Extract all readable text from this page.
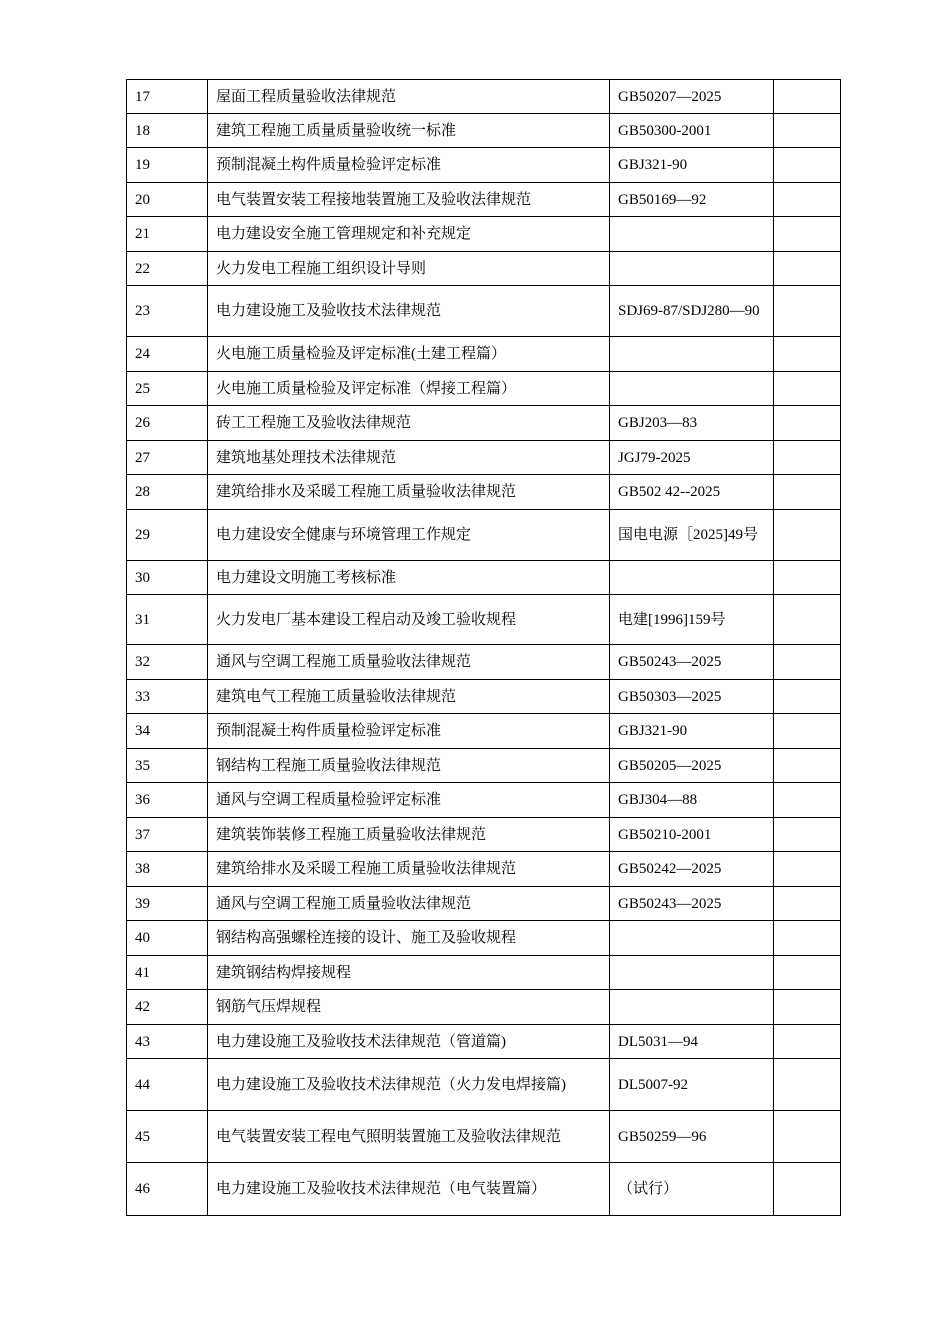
17	屋面工程质量验收法律规范	GB50207—2025	
18	建筑工程施工质量质量验收统一标准	GB50300-2001	
19	预制混凝土构件质量检验评定标准	GBJ321-90	
20	电气装置安装工程接地装置施工及验收法律规范	GB50169—92	
21	电力建设安全施工管理规定和补充规定		
22	火力发电工程施工组织设计导则		
23	电力建设施工及验收技术法律规范	SDJ69-87/SDJ280—90	
24	火电施工质量检验及评定标准(土建工程篇）		
25	火电施工质量检验及评定标准（焊接工程篇）		
26	砖工工程施工及验收法律规范	GBJ203—83	
27	建筑地基处理技术法律规范	JGJ79-2025	
28	建筑给排水及采暖工程施工质量验收法律规范	GB502 42--2025	
29	电力建设安全健康与环境管理工作规定	国电电源［2025]49号	
30	电力建设文明施工考核标准		
31	火力发电厂基本建设工程启动及竣工验收规程	电建[1996]159号	
32	通风与空调工程施工质量验收法律规范	GB50243—2025	
33	建筑电气工程施工质量验收法律规范	GB50303—2025	
34	预制混凝土构件质量检验评定标准	GBJ321-90	
35	钢结构工程施工质量验收法律规范	GB50205—2025	
36	通风与空调工程质量检验评定标准	GBJ304—88	
37	建筑装饰装修工程施工质量验收法律规范	GB50210-2001	
38	建筑给排水及采暖工程施工质量验收法律规范	GB50242—2025	
39	通风与空调工程施工质量验收法律规范	GB50243—2025	
40	钢结构高强螺栓连接的设计、施工及验收规程		
41	建筑钢结构焊接规程		
42	钢筋气压焊规程		
43	电力建设施工及验收技术法律规范（管道篇)	DL5031—94	
44	电力建设施工及验收技术法律规范（火力发电焊接篇)	DL5007-92	
45	电气装置安装工程电气照明装置施工及验收法律规范	GB50259—96	
46	电力建设施工及验收技术法律规范（电气装置篇）	（试行）	
